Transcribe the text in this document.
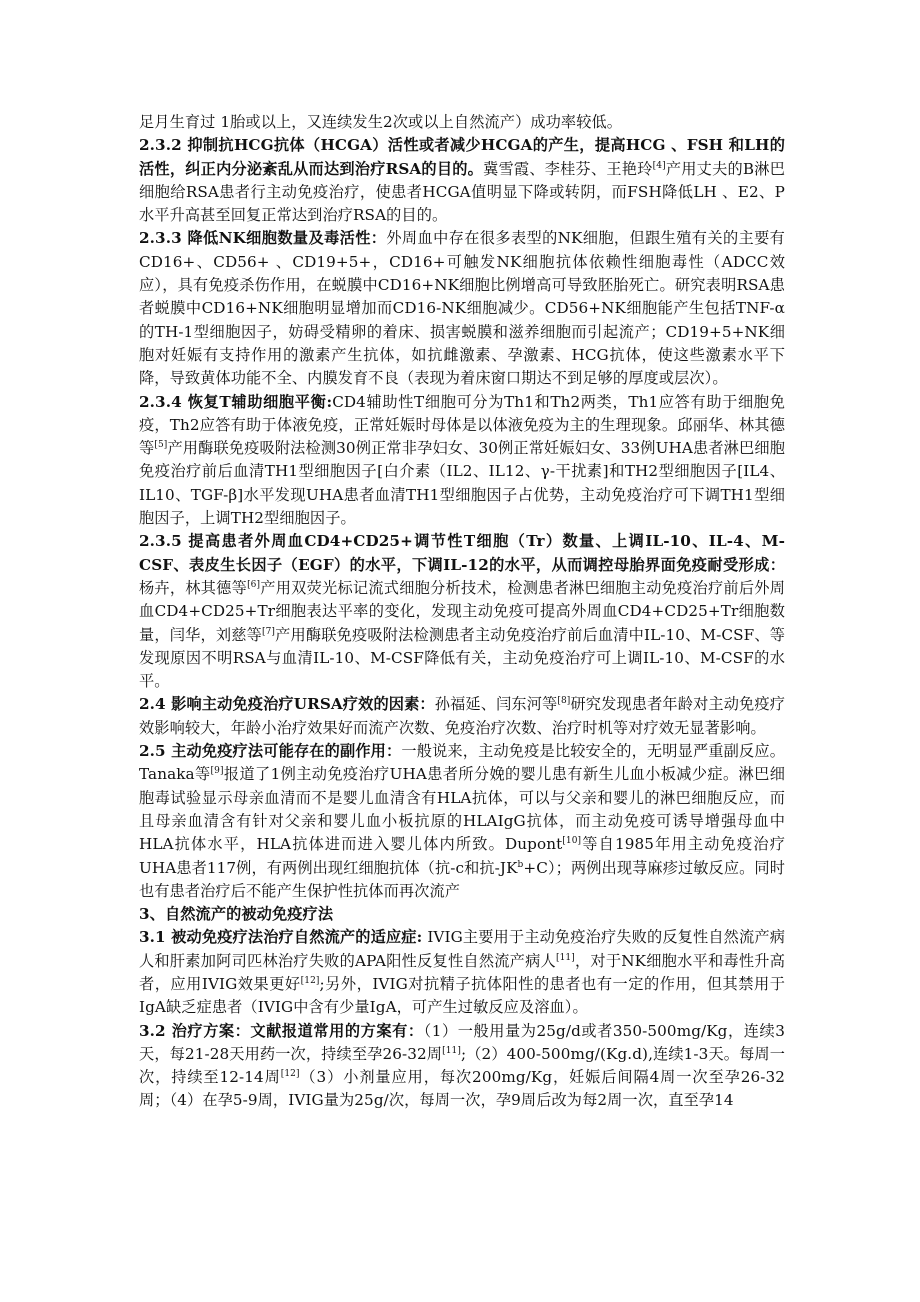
足月生育过 1胎或以上，又连续发生2次或以上自然流产）成功率较低。

2.3.2 抑制抗HCG抗体（HCGA）活性或者减少HCGA的产生，提高HCG 、FSH 和LH的活性，纠正内分泌紊乱从而达到治疗RSA的目的。冀雪霞、李桂芬、王艳玲[4]产用丈夫的B淋巴细胞给RSA患者行主动免疫治疗，使患者HCGA值明显下降或转阴，而FSH降低LH 、E2、P水平升高甚至回复正常达到治疗RSA的目的。

2.3.3 降低NK细胞数量及毒活性：外周血中存在很多表型的NK细胞，但跟生殖有关的主要有CD16+、CD56+ 、CD19+5+，CD16+可触发NK细胞抗体依赖性细胞毒性（ADCC效应），具有免疫杀伤作用，在蜕膜中CD16+NK细胞比例增高可导致胚胎死亡。研究表明RSA患者蜕膜中CD16+NK细胞明显增加而CD16-NK细胞减少。CD56+NK细胞能产生包括TNF-α的TH-1型细胞因子，妨碍受精卵的着床、损害蜕膜和滋养细胞而引起流产；CD19+5+NK细胞对妊娠有支持作用的激素产生抗体，如抗雌激素、孕激素、HCG抗体，使这些激素水平下降，导致黄体功能不全、内膜发育不良（表现为着床窗口期达不到足够的厚度或层次）。

2.3.4 恢复T辅助细胞平衡:CD4辅助性T细胞可分为Th1和Th2两类，Th1应答有助于细胞免疫，Th2应答有助于体液免疫，正常妊娠时母体是以体液免疫为主的生理现象。邱丽华、林其德等[5]产用酶联免疫吸附法检测30例正常非孕妇女、30例正常妊娠妇女、33例UHA患者淋巴细胞免疫治疗前后血清TH1型细胞因子[白介素（IL2、IL12、γ-干扰素]和TH2型细胞因子[IL4、IL10、TGF-β]水平发现UHA患者血清TH1型细胞因子占优势，主动免疫治疗可下调TH1型细胞因子，上调TH2型细胞因子。

2.3.5 提高患者外周血CD4+CD25+调节性T细胞（Tr）数量、上调IL-10、IL-4、M-CSF、表皮生长因子（EGF）的水平，下调IL-12的水平，从而调控母胎界面免疫耐受形成：杨卉，林其德等[6]产用双荧光标记流式细胞分析技术，检测患者淋巴细胞主动免疫治疗前后外周血CD4+CD25+Tr细胞表达平率的变化，发现主动免疫可提高外周血CD4+CD25+Tr细胞数量，闫华，刘慈等[7]产用酶联免疫吸附法检测患者主动免疫治疗前后血清中IL-10、M-CSF、等发现原因不明RSA与血清IL-10、M-CSF降低有关，主动免疫治疗可上调IL-10、M-CSF的水平。

2.4 影响主动免疫治疗URSA疗效的因素：孙福延、闫东河等[8]研究发现患者年龄对主动免疫疗效影响较大，年龄小治疗效果好而流产次数、免疫治疗次数、治疗时机等对疗效无显著影响。

2.5 主动免疫疗法可能存在的副作用：一般说来，主动免疫是比较安全的，无明显严重副反应。Tanaka等[9]报道了1例主动免疫治疗UHA患者所分娩的婴儿患有新生儿血小板减少症。淋巴细胞毒试验显示母亲血清而不是婴儿血清含有HLA抗体，可以与父亲和婴儿的淋巴细胞反应，而且母亲血清含有针对父亲和婴儿血小板抗原的HLAIgG抗体，而主动免疫可诱导增强母血中HLA抗体水平，HLA抗体进而进入婴儿体内所致。Dupont[10]等自1985年用主动免疫治疗UHA患者117例，有两例出现红细胞抗体（抗-c和抗$-JK^b+C$）；两例出现荨麻疹过敏反应。同时也有患者治疗后不能产生保护性抗体而再次流产

3、自然流产的被动免疫疗法

3.1 被动免疫疗法治疗自然流产的适应症: IVIG主要用于主动免疫治疗失败的反复性自然流产病人和肝素加阿司匹林治疗失败的APA阳性反复性自然流产病人[11]，对于NK细胞水平和毒性升高者，应用IVIG效果更好[12];另外，IVIG对抗精子抗体阳性的患者也有一定的作用，但其禁用于IgA缺乏症患者（IVIG中含有少量IgA，可产生过敏反应及溶血）。

3.2 治疗方案：文献报道常用的方案有：（1）一般用量为25g/d或者350-500mg/Kg，连续3天，每21-28天用药一次，持续至孕26-32周[11];（2）400-500mg/(Kg.d),连续1-3天。每周一次，持续至12-14周[12]（3）小剂量应用，每次200mg/Kg，妊娠后间隔4周一次至孕26-32周；（4）在孕5-9周，IVIG量为25g/次，每周一次，孕9周后改为每2周一次，直至孕14
